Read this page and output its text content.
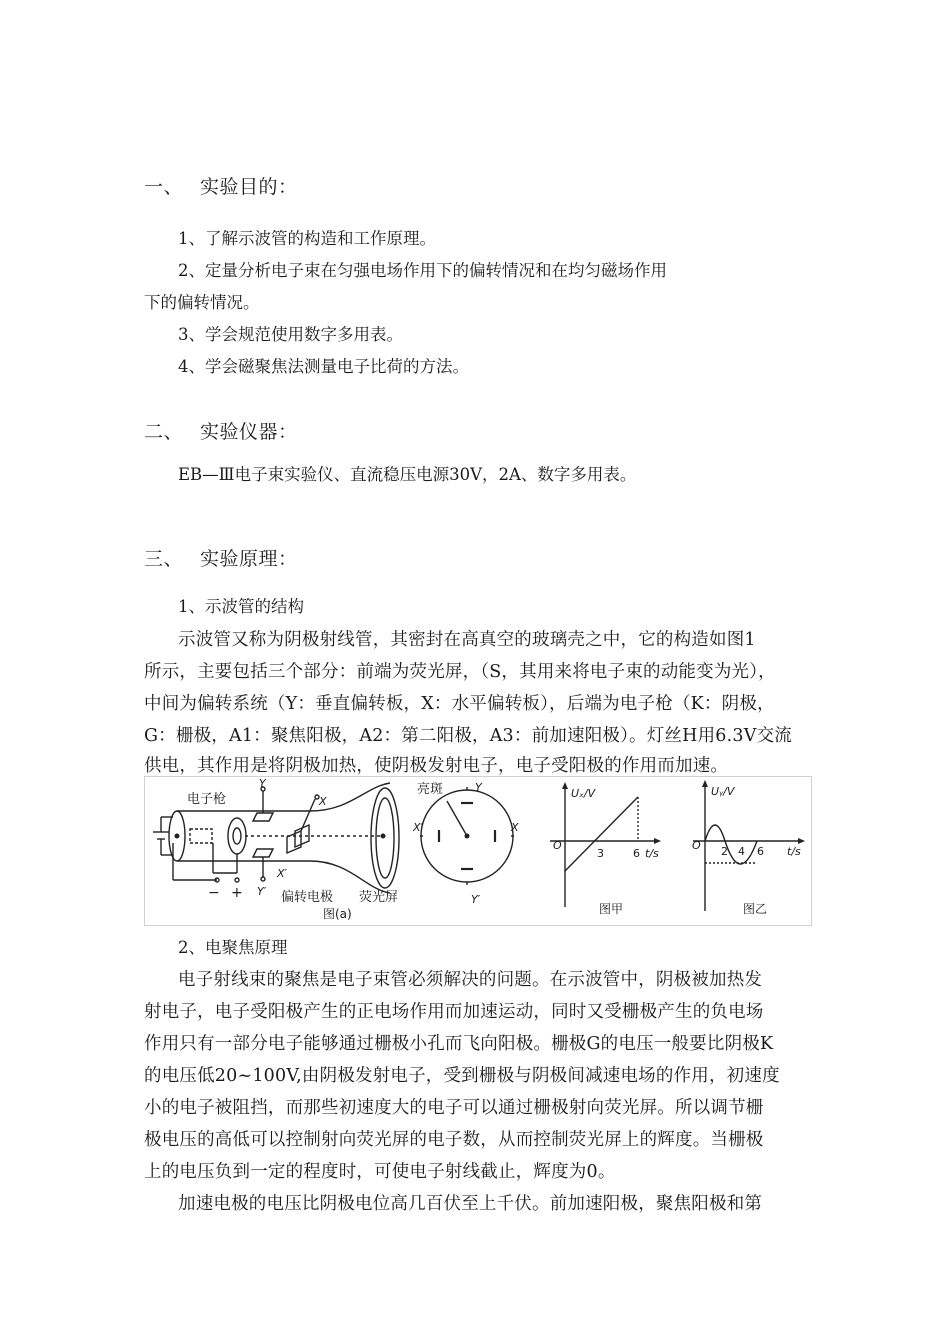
一、 实验目的：
1、了解示波管的构造和工作原理。
2、定量分析电子束在匀强电场作用下的偏转情况和在均匀磁场作用
下的偏转情况。
3、学会规范使用数字多用表。
4、学会磁聚焦法测量电子比荷的方法。
二、 实验仪器：
EB—Ⅲ电子束实验仪、直流稳压电源30V，2A、数字多用表。
三、 实验原理：
1、示波管的结构
示波管又称为阴极射线管，其密封在高真空的玻璃壳之中，它的构造如图1
所示，主要包括三个部分：前端为荧光屏，（S，其用来将电子束的动能变为光），
中间为偏转系统（Y：垂直偏转板，X：水平偏转板），后端为电子枪（K：阴极，
G：栅极，A1：聚焦阳极，A2：第二阳极，A3：前加速阳极）。灯丝H用6.3V交流
供电，其作用是将阴极加热，使阴极发射电子，电子受阳极的作用而加速。
电子枪
偏转电极 荧光屏
亮斑
图(a)
− +
Y
Y′
X
X′
Y
Y′
X′	X
Uₓ/V
O
3	6 t/s
图甲
Uᵧ/V
O 2 4 6 t/s
图乙
2、电聚焦原理
电子射线束的聚焦是电子束管必须解决的问题。在示波管中，阴极被加热发
射电子，电子受阳极产生的正电场作用而加速运动，同时又受栅极产生的负电场
作用只有一部分电子能够通过栅极小孔而飞向阳极。栅极G的电压一般要比阴极K
的电压低20~100V,由阴极发射电子，受到栅极与阴极间减速电场的作用，初速度
小的电子被阻挡，而那些初速度大的电子可以通过栅极射向荧光屏。所以调节栅
极电压的高低可以控制射向荧光屏的电子数，从而控制荧光屏上的辉度。当栅极
上的电压负到一定的程度时，可使电子射线截止，辉度为0。
加速电极的电压比阴极电位高几百伏至上千伏。前加速阳极，聚焦阳极和第
